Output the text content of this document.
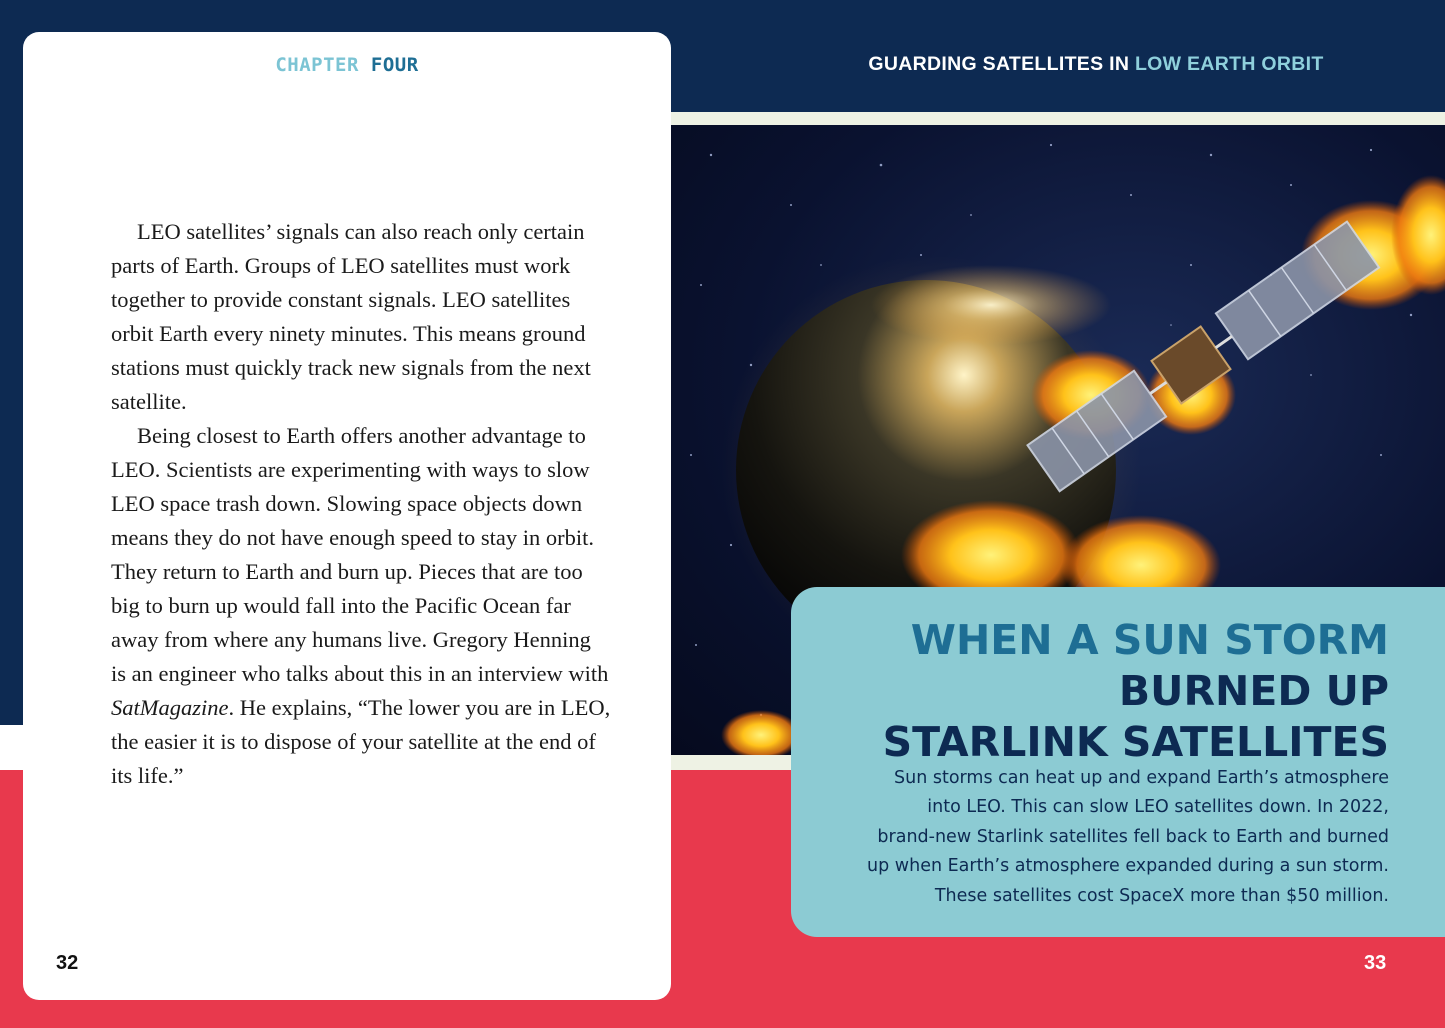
CHAPTER FOUR

LEO satellites’ signals can also reach only certain parts of Earth. Groups of LEO satellites must work together to provide constant signals. LEO satellites orbit Earth every ninety minutes. This means ground stations must quickly track new signals from the next satellite.

Being closest to Earth offers another advantage to LEO. Scientists are experimenting with ways to slow LEO space trash down. Slowing space objects down means they do not have enough speed to stay in orbit. They return to Earth and burn up. Pieces that are too big to burn up would fall into the Pacific Ocean far away from where any humans live. Gregory Henning is an engineer who talks about this in an interview with SatMagazine. He explains, “The lower you are in LEO, the easier it is to dispose of your satellite at the end of its life.”

32
GUARDING SATELLITES IN LOW EARTH ORBIT
WHEN A SUN STORM
BURNED UP
STARLINK SATELLITES
Sun storms can heat up and expand Earth’s atmosphere
into LEO. This can slow LEO satellites down. In 2022,
brand-new Starlink satellites fell back to Earth and burned
up when Earth’s atmosphere expanded during a sun storm.
These satellites cost SpaceX more than $50 million.
33
